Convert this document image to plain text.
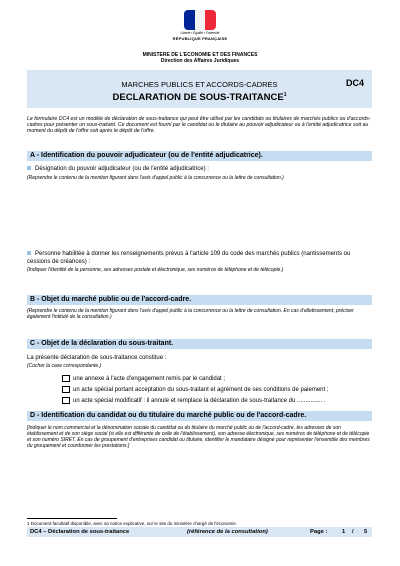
Liberté • Égalité • Fraternité
RÉPUBLIQUE FRANÇAISE
MINISTERE DE L'ECONOMIE ET DES FINANCES
Direction des Affaires Juridiques
MARCHES PUBLICS ET ACCORDS-CADRES
DECLARATION DE SOUS-TRAITANCE$^1$
DC4
Le formulaire DC4 est un modèle de déclaration de sous-traitance qui peut être utilisé par les candidats ou titulaires de marchés publics ou d'accords-cadres pour présenter un sous-traitant. Ce document est fourni par le candidat ou le titulaire au pouvoir adjudicateur ou à l'entité adjudicatrice soit au moment du dépôt de l'offre soit après le dépôt de l'offre.
A - Identification du pouvoir adjudicateur (ou de l'entité adjudicatrice).
Désignation du pouvoir adjudicateur (ou de l'entité adjudicatrice) :
(Reprendre le contenu de la mention figurant dans l'avis d'appel public à la concurrence ou la lettre de consultation.)
Personne habilitée à donner les renseignements prévus à l'article 109 du code des marchés publics (nantissements ou cessions de créances) :
(Indiquer l'identité de la personne, ses adresses postale et électronique, ses numéros de téléphone et de télécopie.)
B - Objet du marché public ou de l'accord-cadre.
(Reprendre le contenu de la mention figurant dans l'avis d'appel public à la concurrence ou la lettre de consultation. En cas d'allotissement, préciser également l'intitulé de la consultation.)
C - Objet de la déclaration du sous-traitant.
La présente déclaration de sous-traitance constitue :
(Cocher la case correspondante.)
une annexe à l'acte d'engagement remis par le candidat ;
un acte spécial portant acceptation du sous-traitant et agrément de ses conditions de paiement ;
un acte spécial modificatif : il annule et remplace la déclaration de sous-traitance du ............... .
D - Identification du candidat ou du titulaire du marché public ou de l'accord-cadre.
[Indiquer le nom commercial et la dénomination sociale du candidat ou du titulaire du marché public ou de l'accord-cadre, les adresses de son établissement et de son siège social (si elle est différente de celle de l'établissement), son adresse électronique, ses numéros de téléphone et de télécopie et son numéro SIRET. En cas de groupement d'entreprises candidat ou titulaire, identifier le mandataire désigné pour représenter l'ensemble des membres du groupement et coordonner les prestations.]
1 Document facultatif disponible, avec sa notice explicative, sur le site du ministère chargé de l'économie.
DC4 – Déclaration de sous-traitance	(référence de la consultation)	Page :	1 / 5
